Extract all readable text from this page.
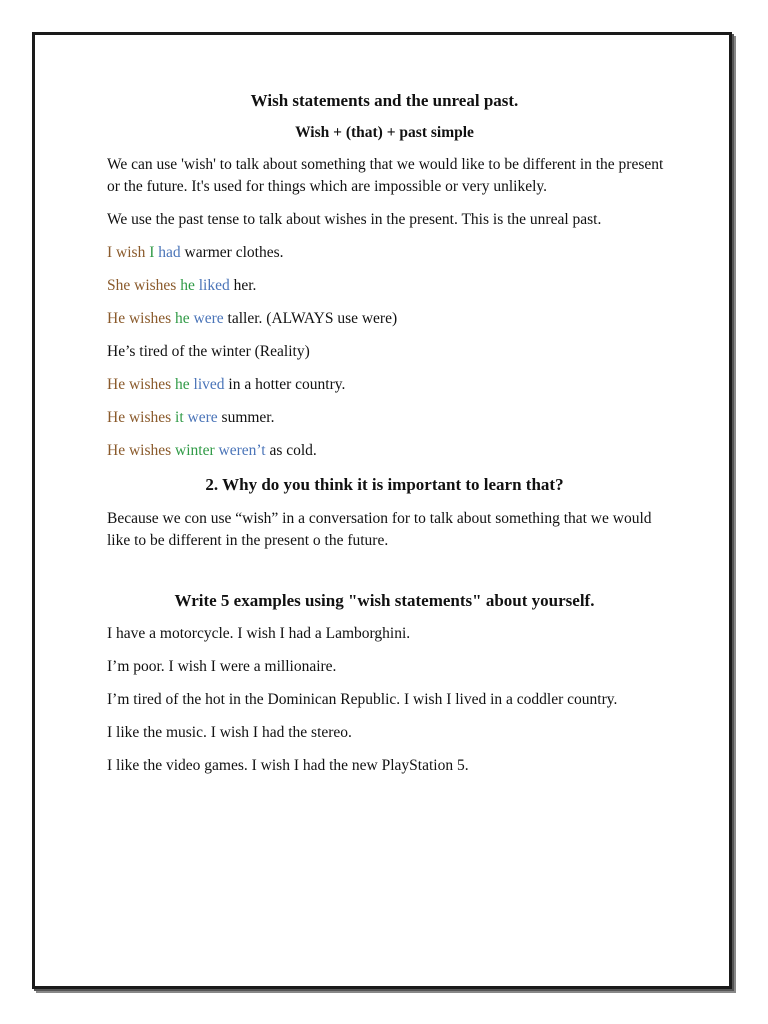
Wish statements and the unreal past.
Wish + (that) + past simple

We can use 'wish' to talk about something that we would like to be different in the present or the future. It's used for things which are impossible or very unlikely.

We use the past tense to talk about wishes in the present. This is the unreal past.

I wish I had warmer clothes.

She wishes he liked her.

He wishes he were taller. (ALWAYS use were)

He’s tired of the winter (Reality)

He wishes he lived in a hotter country.

He wishes it were summer.

He wishes winter weren’t as cold.

2. Why do you think it is important to learn that?

Because we con use “wish” in a conversation for to talk about something that we would like to be different in the present o the future.

Write 5 examples using "wish statements" about yourself.

I have a motorcycle. I wish I had a Lamborghini.

I’m poor. I wish I were a millionaire.

I’m tired of the hot in the Dominican Republic. I wish I lived in a coddler country.

I like the music. I wish I had the stereo.

I like the video games. I wish I had the new PlayStation 5.
